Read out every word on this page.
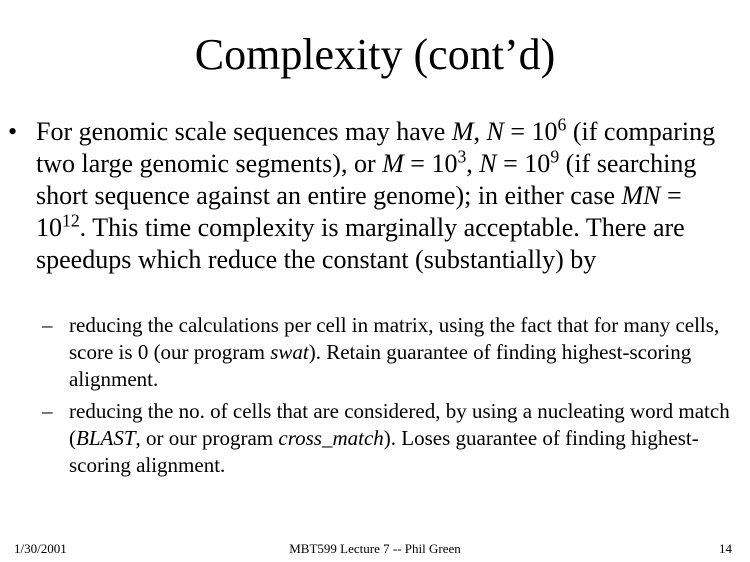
Complexity (cont’d)
• For genomic scale sequences may have M, $N = 10^6$ (if comparing two large genomic segments), or $M = 10^3$, $N = 10^9$ (if searching short sequence against an entire genome); in either case MN = $10^{12}$. This time complexity is marginally acceptable. There are speedups which reduce the constant (substantially) by
– reducing the calculations per cell in matrix, using the fact that for many cells, score is 0 (our program swat). Retain guarantee of finding highest-scoring alignment.
– reducing the no. of cells that are considered, by using a nucleating word match (BLAST, or our program cross_match). Loses guarantee of finding highest-scoring alignment.
1/30/2001	MBT599 Lecture 7 -- Phil Green	14
